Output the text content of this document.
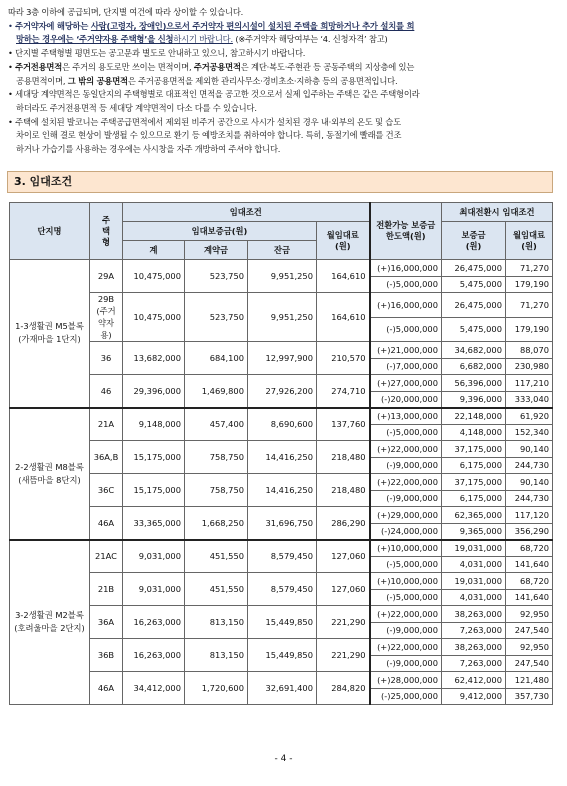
따라 3층 이하에 공급되며, 단지별 여건에 따라 상이할 수 있습니다.

• 주거약자에 해당하는 사람(고령자, 장애인)으로서 주거약자 편의시설이 설치된 주택을 희망하거나 추가 설치를 희

망하는 경우에는 ‘주거약자용 주택형’을 신청하시기 바랍니다. (※주거약자 해당여부는 ‘4. 신청자격’ 참고)

• 단지별 주택형별 평면도는 공고문과 별도로 안내하고 있으니, 참고하시기 바랍니다.

• 주거전용면적은 주거의 용도로만 쓰이는 면적이며, 주거공용면적은 계단·복도·주현관 등 공동주택의 지상층에 있는

공용면적이며, 그 밖의 공용면적은 주거공용면적을 제외한 관리사무소·경비초소·지하층 등의 공용면적입니다.

• 세대당 계약면적은 동일단지의 주택형별로 대표적인 면적을 공고한 것으로서 실제 입주하는 주택은 같은 주택형이라

하더라도 주거전용면적 등 세대당 계약면적이 다소 다를 수 있습니다.

• 주택에 설치된 발코니는 주택공급면적에서 제외된 비주거 공간으로 사시가 설치된 경우 내·외부의 온도 및 습도

차이로 인해 결로 현상이 발생될 수 있으므로 환기 등 예방조치를 취하여야 합니다. 특히, 동절기에 빨래를 건조

하거나 가습기를 사용하는 경우에는 사시창을 자주 개방하여 주셔야 합니다.

3. 임대조건
단지명	주택형	임대조건				전환가능 보증금 한도액(원)	최대전환시 임대조건	
		임대보증금(원)			월임대료(원)		보증금(원)	월임대료(원)
		계	계약금	잔금				
1-3생활권 M5블록 (가재마을 1단지)	29A	10,475,000	523,750	9,951,250	164,610	(+)16,000,000	26,475,000	71,270
						(-)5,000,000	5,475,000	179,190
	29B (주거약자용)	10,475,000	523,750	9,951,250	164,610	(+)16,000,000	26,475,000	71,270
						(-)5,000,000	5,475,000	179,190
	36	13,682,000	684,100	12,997,900	210,570	(+)21,000,000	34,682,000	88,070
						(-)7,000,000	6,682,000	230,980
	46	29,396,000	1,469,800	27,926,200	274,710	(+)27,000,000	56,396,000	117,210
						(-)20,000,000	9,396,000	333,040
2-2생활권 M8블록 (새뜸마을 8단지)	21A	9,148,000	457,400	8,690,600	137,760	(+)13,000,000	22,148,000	61,920
						(-)5,000,000	4,148,000	152,340
	36A,B	15,175,000	758,750	14,416,250	218,480	(+)22,000,000	37,175,000	90,140
						(-)9,000,000	6,175,000	244,730
	36C	15,175,000	758,750	14,416,250	218,480	(+)22,000,000	37,175,000	90,140
						(-)9,000,000	6,175,000	244,730
	46A	33,365,000	1,668,250	31,696,750	286,290	(+)29,000,000	62,365,000	117,120
						(-)24,000,000	9,365,000	356,290
3-2생활권 M2블록 (호려울마을 2단지)	21AC	9,031,000	451,550	8,579,450	127,060	(+)10,000,000	19,031,000	68,720
						(-)5,000,000	4,031,000	141,640
	21B	9,031,000	451,550	8,579,450	127,060	(+)10,000,000	19,031,000	68,720
						(-)5,000,000	4,031,000	141,640
	36A	16,263,000	813,150	15,449,850	221,290	(+)22,000,000	38,263,000	92,950
						(-)9,000,000	7,263,000	247,540
	36B	16,263,000	813,150	15,449,850	221,290	(+)22,000,000	38,263,000	92,950
						(-)9,000,000	7,263,000	247,540
	46A	34,412,000	1,720,600	32,691,400	284,820	(+)28,000,000	62,412,000	121,480
						(-)25,000,000	9,412,000	357,730
- 4 -
